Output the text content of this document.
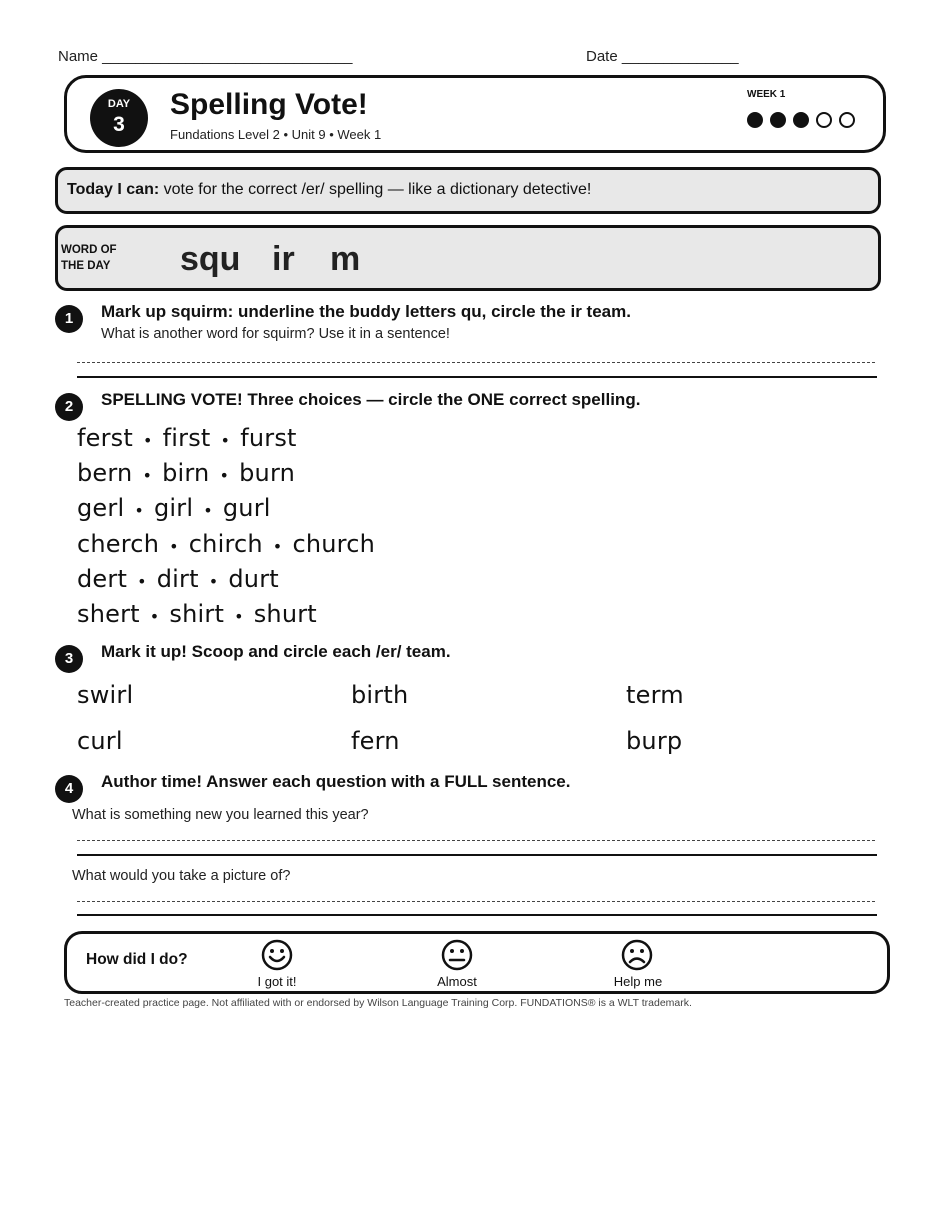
Name ______________________________	Date ______________
DAY
3
Spelling Vote!
Fundations Level 2 • Unit 9 • Week 1
WEEK 1
Today I can: vote for the correct /er/ spelling — like a dictionary detective!
WORD OF
THE DAY squ ir m
1	Mark up squirm: underline the buddy letters qu, circle the ir team.
What is another word for squirm? Use it in a sentence!
2	SPELLING VOTE! Three choices — circle the ONE correct spelling.
ferst • first • furst
bern • birn • burn
gerl • girl • gurl
cherch • chirch • church
dert • dirt • durt
shert • shirt • shurt
3	Mark it up! Scoop and circle each /er/ team.
swirl	birth	term
curl	fern	burp
4	Author time! Answer each question with a FULL sentence.
What is something new you learned this year?
What would you take a picture of?
How did I do?
I got it!	Almost	Help me
Teacher-created practice page. Not affiliated with or endorsed by Wilson Language Training Corp. FUNDATIONS® is a WLT trademark.
